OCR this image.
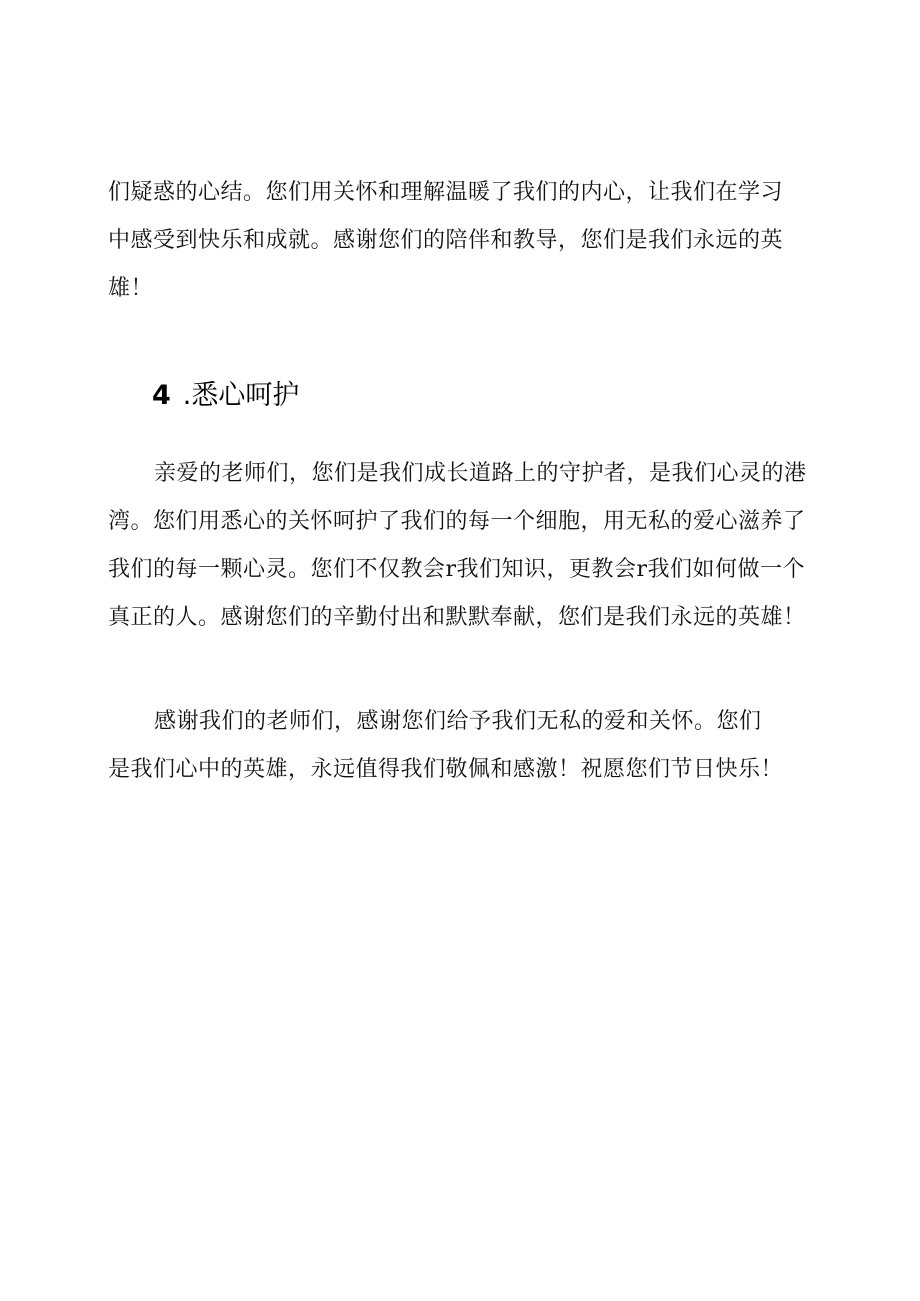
们疑惑的心结。您们用关怀和理解温暖了我们的内心，让我们在学习
中感受到快乐和成就。感谢您们的陪伴和教导，您们是我们永远的英
雄！

4 .悉心呵护

亲爱的老师们，您们是我们成长道路上的守护者，是我们心灵的港
湾。您们用悉心的关怀呵护了我们的每一个细胞，用无私的爱心滋养了
我们的每一颗心灵。您们不仅教会r我们知识，更教会r我们如何做一个
真正的人。感谢您们的辛勤付出和默默奉献，您们是我们永远的英雄！

感谢我们的老师们，感谢您们给予我们无私的爱和关怀。您们
是我们心中的英雄，永远值得我们敬佩和感激！祝愿您们节日快乐！
